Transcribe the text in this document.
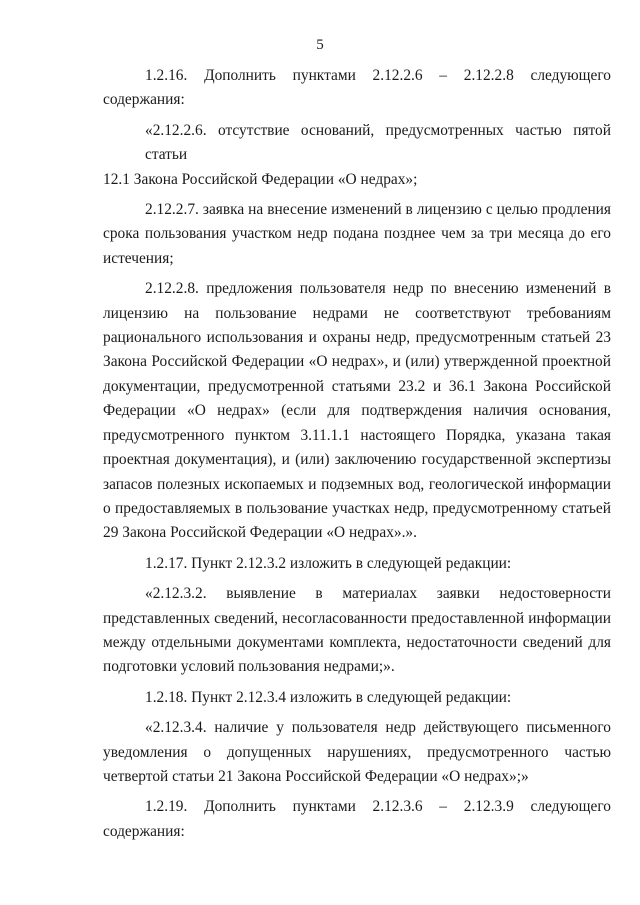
5
1.2.16. Дополнить пунктами 2.12.2.6 – 2.12.2.8 следующего
содержания:
«2.12.2.6. отсутствие оснований, предусмотренных частью пятой статьи
12.1 Закона Российской Федерации «О недрах»;
2.12.2.7. заявка на внесение изменений в лицензию с целью продления
срока пользования участком недр подана позднее чем за три месяца до его
истечения;
2.12.2.8. предложения пользователя недр по внесению изменений в
лицензию на пользование недрами не соответствуют требованиям
рационального использования и охраны недр, предусмотренным статьей 23
Закона Российской Федерации «О недрах», и (или) утвержденной проектной
документации, предусмотренной статьями 23.2 и 36.1 Закона Российской
Федерации «О недрах» (если для подтверждения наличия основания,
предусмотренного пунктом 3.11.1.1 настоящего Порядка, указана такая
проектная документация), и (или) заключению государственной экспертизы
запасов полезных ископаемых и подземных вод, геологической информации
о предоставляемых в пользование участках недр, предусмотренному статьей
29 Закона Российской Федерации «О недрах».».
1.2.17. Пункт 2.12.3.2 изложить в следующей редакции:
«2.12.3.2. выявление в материалах заявки недостоверности
представленных сведений, несогласованности предоставленной информации
между отдельными документами комплекта, недостаточности сведений для
подготовки условий пользования недрами;».
1.2.18. Пункт 2.12.3.4 изложить в следующей редакции:
«2.12.3.4. наличие у пользователя недр действующего письменного
уведомления о допущенных нарушениях, предусмотренного частью
четвертой статьи 21 Закона Российской Федерации «О недрах»;»
1.2.19. Дополнить пунктами 2.12.3.6 – 2.12.3.9 следующего
содержания:
